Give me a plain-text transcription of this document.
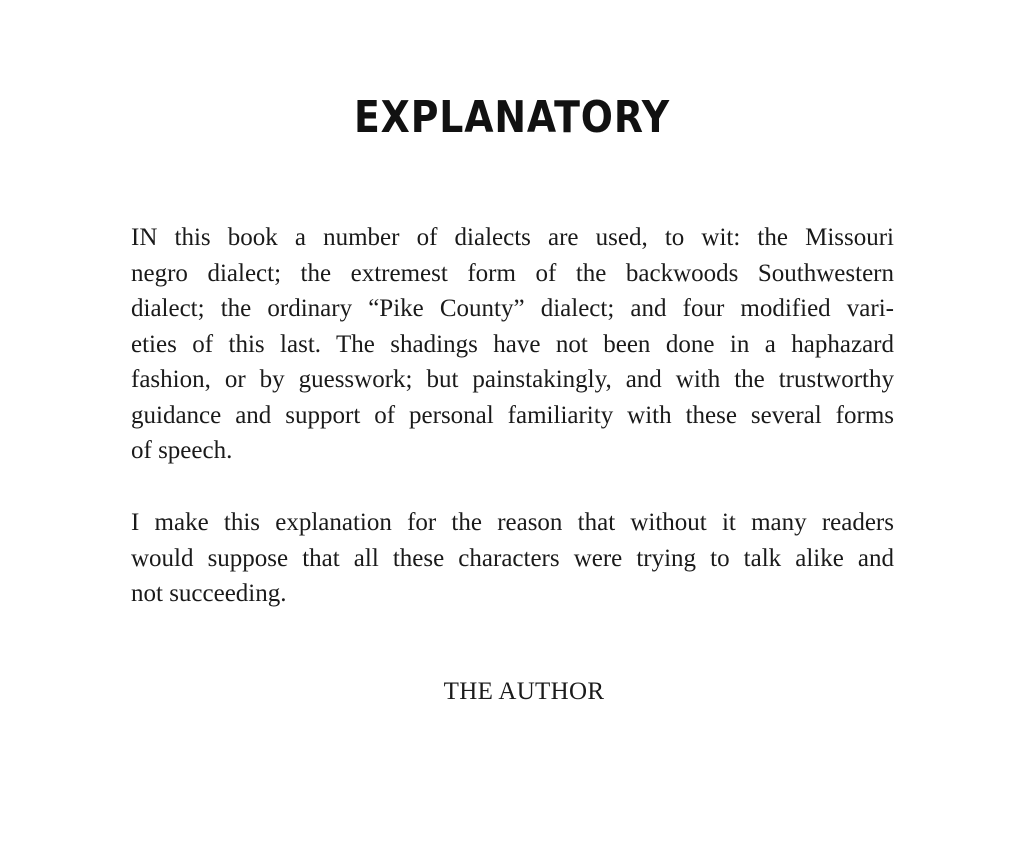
EXPLANATORY

IN this book a number of dialects are used, to wit: the Missouri
negro dialect; the extremest form of the backwoods Southwestern
dialect; the ordinary “Pike County” dialect; and four modified vari-
eties of this last. The shadings have not been done in a haphazard
fashion, or by guesswork; but painstakingly, and with the trustworthy
guidance and support of personal familiarity with these several forms
of speech.

I make this explanation for the reason that without it many readers
would suppose that all these characters were trying to talk alike and
not succeeding.

THE AUTHOR
